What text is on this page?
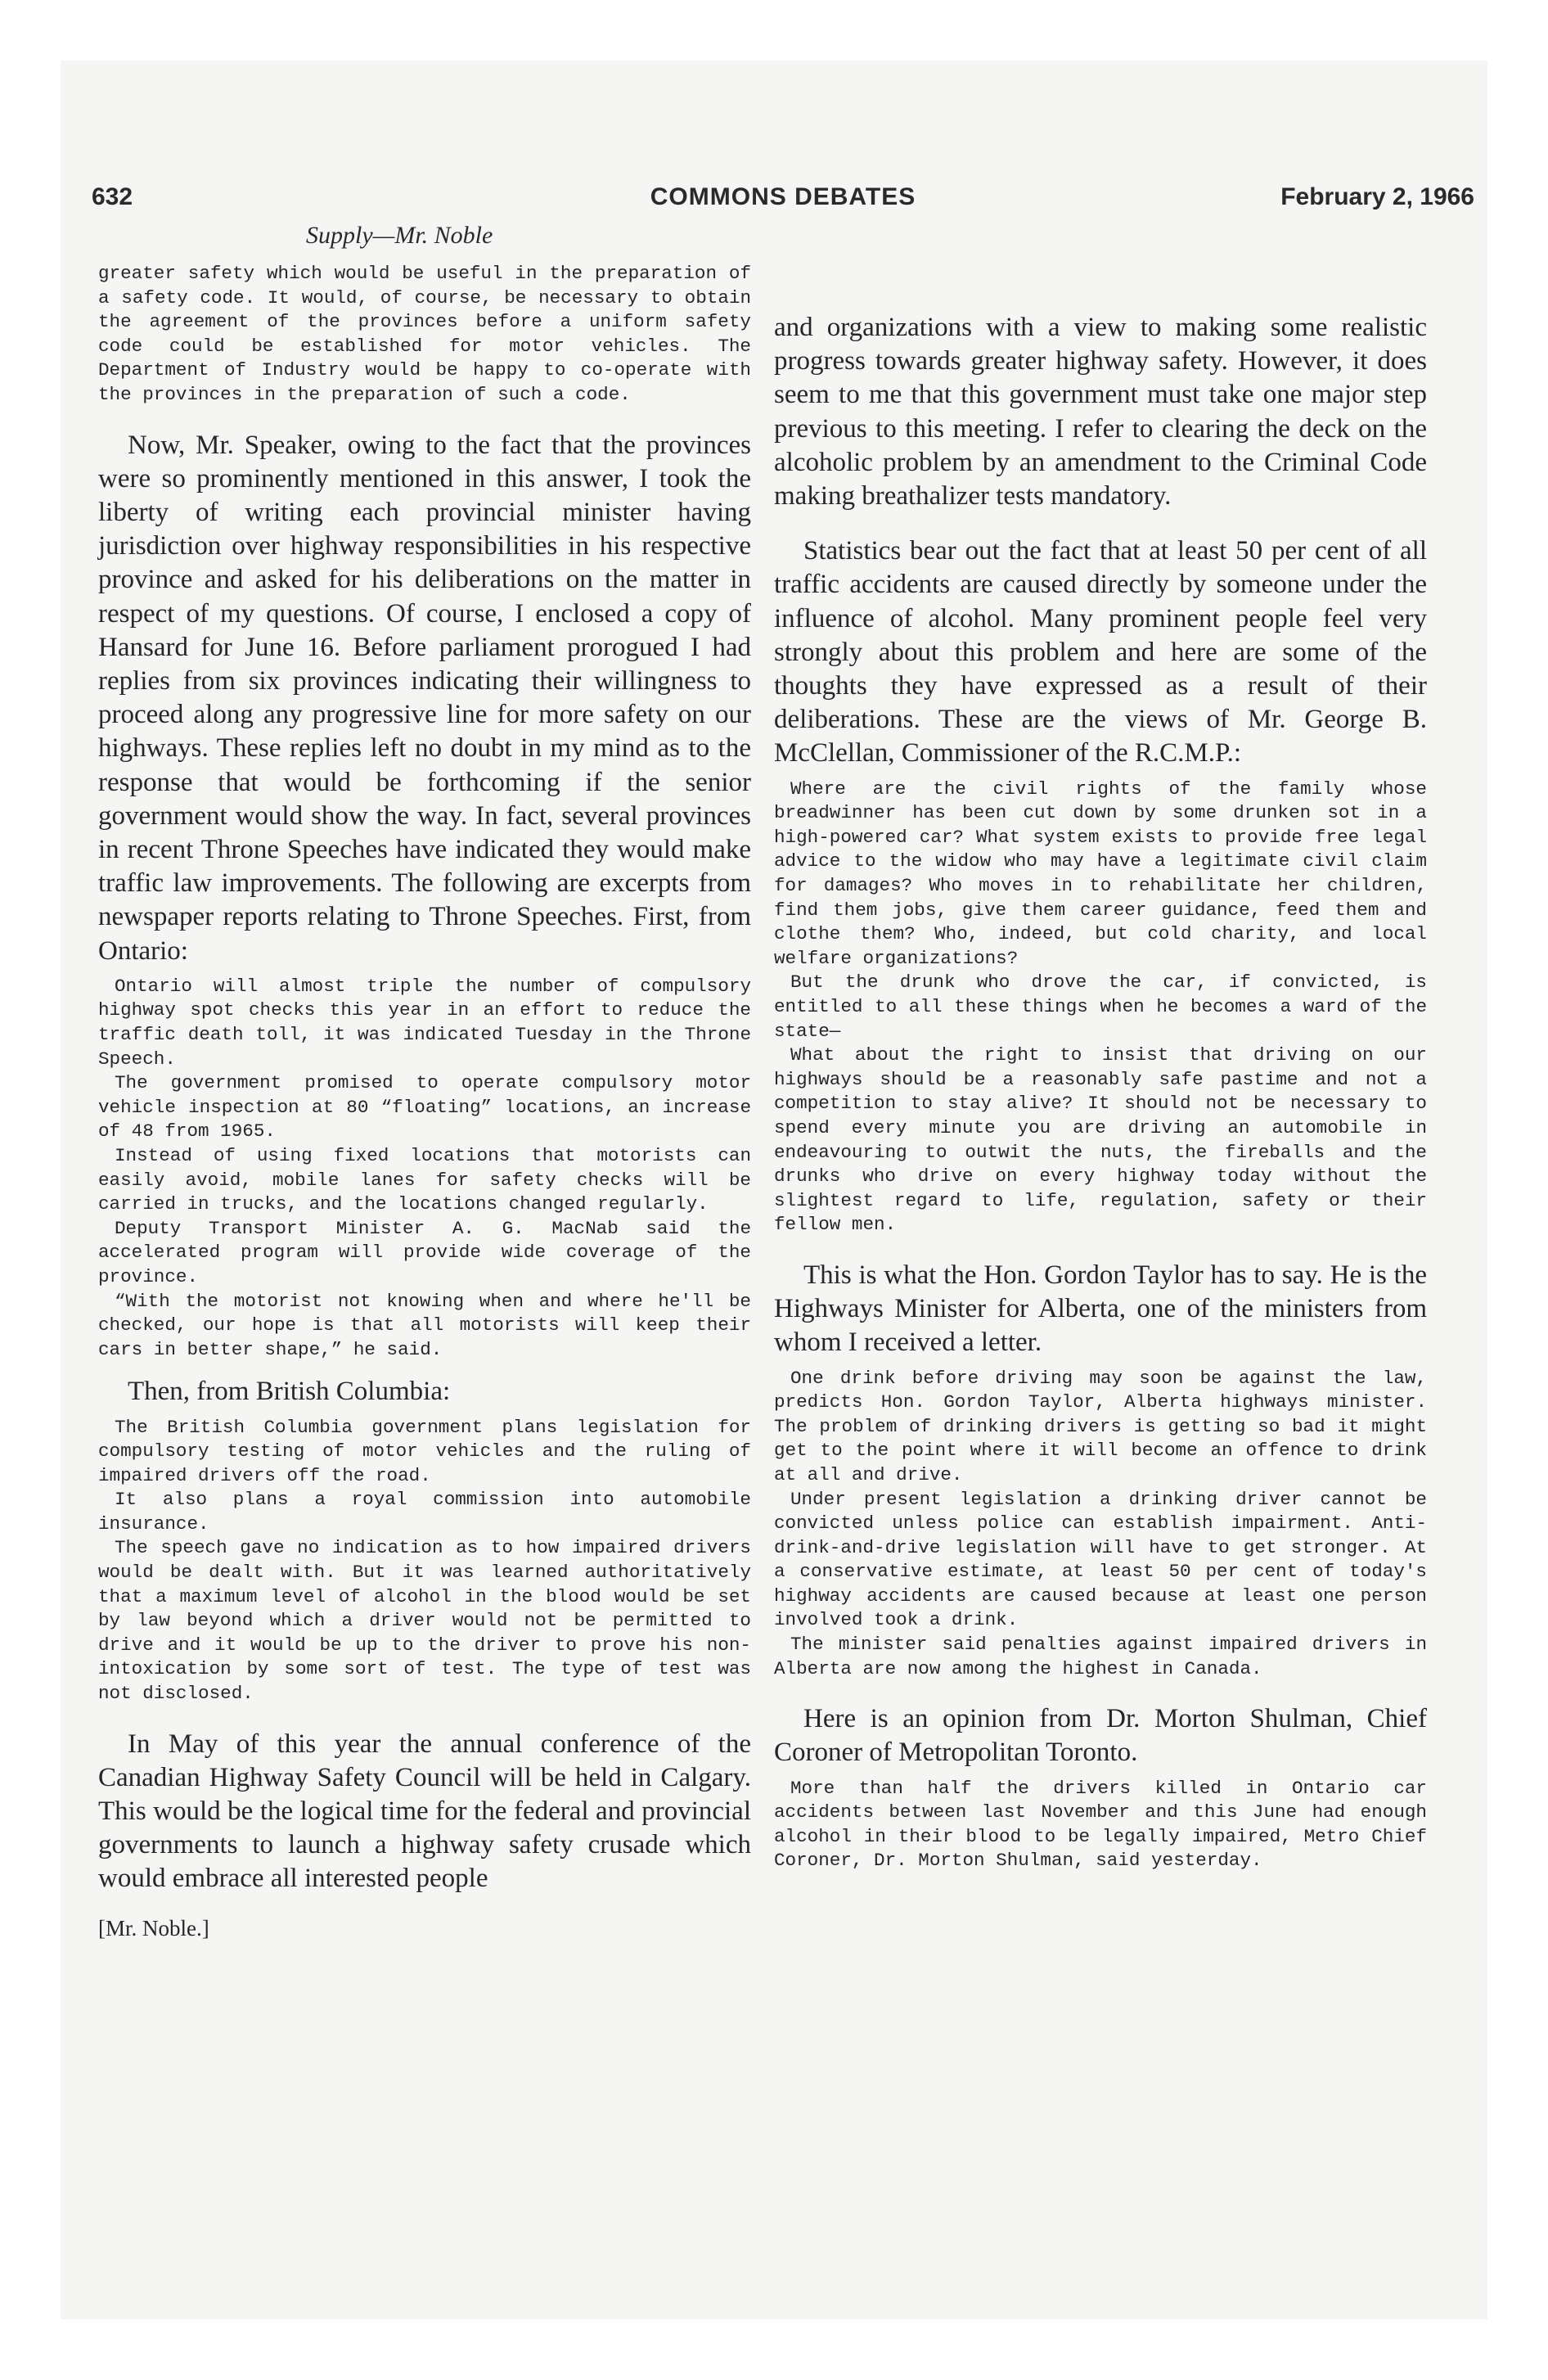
632	COMMONS DEBATES	February 2, 1966
Supply—Mr. Noble

greater safety which would be useful in the preparation of a safety code. It would, of course, be necessary to obtain the agreement of the provinces before a uniform safety code could be established for motor vehicles. The Department of Industry would be happy to co-operate with the provinces in the preparation of such a code.

Now, Mr. Speaker, owing to the fact that the provinces were so prominently mentioned in this answer, I took the liberty of writing each provincial minister having jurisdiction over highway responsibilities in his respective province and asked for his deliberations on the matter in respect of my questions. Of course, I enclosed a copy of Hansard for June 16. Before parliament prorogued I had replies from six provinces indicating their willingness to proceed along any progressive line for more safety on our highways. These replies left no doubt in my mind as to the response that would be forthcoming if the senior government would show the way. In fact, several provinces in recent Throne Speeches have indicated they would make traffic law improvements. The following are excerpts from newspaper reports relating to Throne Speeches. First, from Ontario:

Ontario will almost triple the number of compulsory highway spot checks this year in an effort to reduce the traffic death toll, it was indicated Tuesday in the Throne Speech.

The government promised to operate compulsory motor vehicle inspection at 80 “floating” locations, an increase of 48 from 1965.

Instead of using fixed locations that motorists can easily avoid, mobile lanes for safety checks will be carried in trucks, and the locations changed regularly.

Deputy Transport Minister A. G. MacNab said the accelerated program will provide wide coverage of the province.

“With the motorist not knowing when and where he'll be checked, our hope is that all motorists will keep their cars in better shape,” he said.

Then, from British Columbia:

The British Columbia government plans legislation for compulsory testing of motor vehicles and the ruling of impaired drivers off the road.

It also plans a royal commission into automobile insurance.

The speech gave no indication as to how impaired drivers would be dealt with. But it was learned authoritatively that a maximum level of alcohol in the blood would be set by law beyond which a driver would not be permitted to drive and it would be up to the driver to prove his non-intoxication by some sort of test. The type of test was not disclosed.

In May of this year the annual conference of the Canadian Highway Safety Council will be held in Calgary. This would be the logical time for the federal and provincial governments to launch a highway safety crusade which would embrace all interested people

[Mr. Noble.]

and organizations with a view to making some realistic progress towards greater highway safety. However, it does seem to me that this government must take one major step previous to this meeting. I refer to clearing the deck on the alcoholic problem by an amendment to the Criminal Code making breathalizer tests mandatory.

Statistics bear out the fact that at least 50 per cent of all traffic accidents are caused directly by someone under the influence of alcohol. Many prominent people feel very strongly about this problem and here are some of the thoughts they have expressed as a result of their deliberations. These are the views of Mr. George B. McClellan, Commissioner of the R.C.M.P.:

Where are the civil rights of the family whose breadwinner has been cut down by some drunken sot in a high-powered car? What system exists to provide free legal advice to the widow who may have a legitimate civil claim for damages? Who moves in to rehabilitate her children, find them jobs, give them career guidance, feed them and clothe them? Who, indeed, but cold charity, and local welfare organizations?

But the drunk who drove the car, if convicted, is entitled to all these things when he becomes a ward of the state—

What about the right to insist that driving on our highways should be a reasonably safe pastime and not a competition to stay alive? It should not be necessary to spend every minute you are driving an automobile in endeavouring to outwit the nuts, the fireballs and the drunks who drive on every highway today without the slightest regard to life, regulation, safety or their fellow men.

This is what the Hon. Gordon Taylor has to say. He is the Highways Minister for Alberta, one of the ministers from whom I received a letter.

One drink before driving may soon be against the law, predicts Hon. Gordon Taylor, Alberta highways minister. The problem of drinking drivers is getting so bad it might get to the point where it will become an offence to drink at all and drive.

Under present legislation a drinking driver cannot be convicted unless police can establish impairment. Anti-drink-and-drive legislation will have to get stronger. At a conservative estimate, at least 50 per cent of today's highway accidents are caused because at least one person involved took a drink.

The minister said penalties against impaired drivers in Alberta are now among the highest in Canada.

Here is an opinion from Dr. Morton Shulman, Chief Coroner of Metropolitan Toronto.

More than half the drivers killed in Ontario car accidents between last November and this June had enough alcohol in their blood to be legally impaired, Metro Chief Coroner, Dr. Morton Shulman, said yesterday.
